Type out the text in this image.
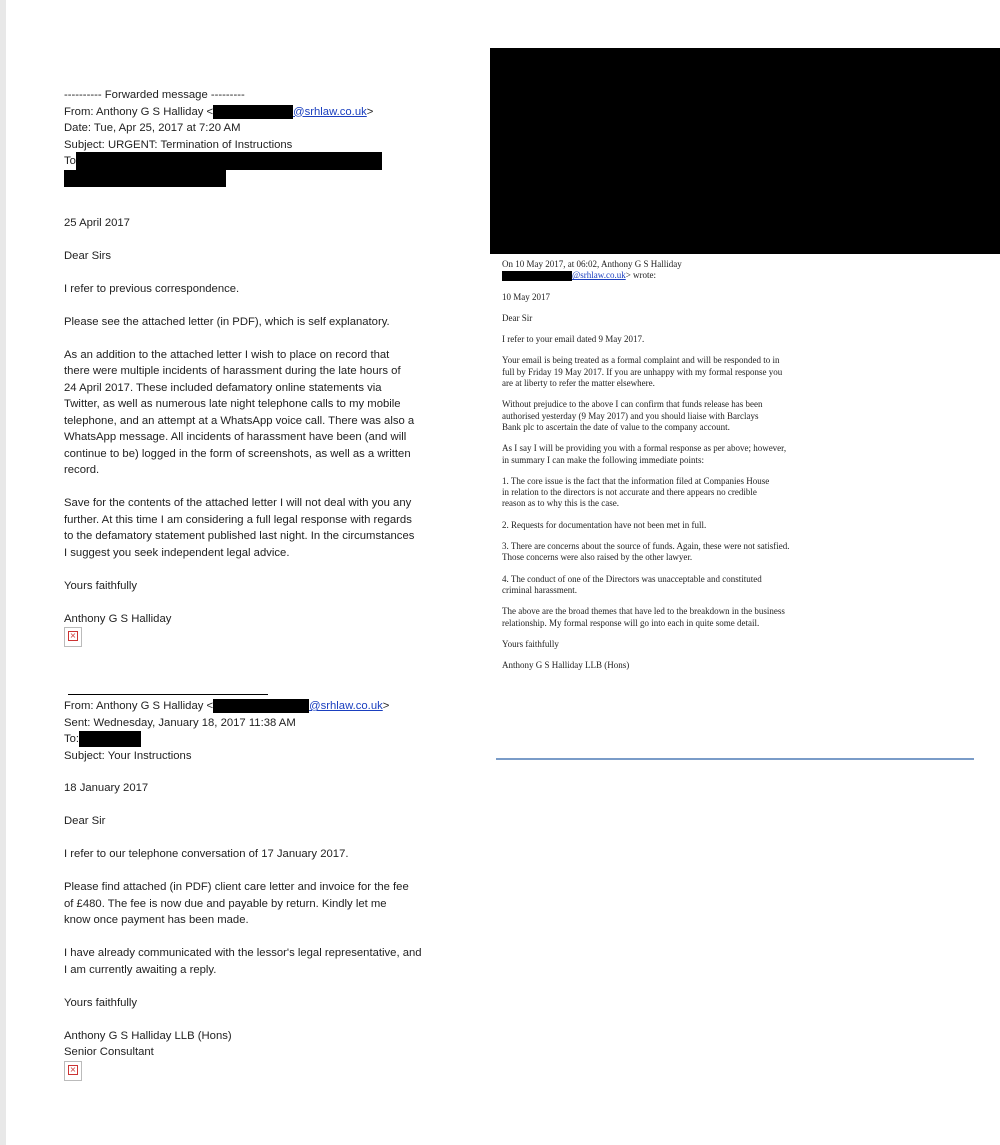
---------- Forwarded message ---------
From: Anthony G S Halliday <	@srhlaw.co.uk>
Date: Tue, Apr 25, 2017 at 7:20 AM
Subject: URGENT: Termination of Instructions
To

25 April 2017

Dear Sirs

I refer to previous correspondence.

Please see the attached letter (in PDF), which is self explanatory.

As an addition to the attached letter I wish to place on record that there were multiple incidents of harassment during the late hours of 24 April 2017. These included defamatory online statements via Twitter, as well as numerous late night telephone calls to my mobile telephone, and an attempt at a WhatsApp voice call. There was also a WhatsApp message. All incidents of harassment have been (and will continue to be) logged in the form of screenshots, as well as a written record.

Save for the contents of the attached letter I will not deal with you any further. At this time I am considering a full legal response with regards to the defamatory statement published last night. In the circumstances I suggest you seek independent legal advice.

Yours faithfully

Anthony G S Halliday
×
From: Anthony G S Halliday <	@srhlaw.co.uk>
Sent: Wednesday, January 18, 2017 11:38 AM
To:
Subject: Your Instructions

18 January 2017

Dear Sir

I refer to our telephone conversation of 17 January 2017.

Please find attached (in PDF) client care letter and invoice for the fee of £480. The fee is now due and payable by return. Kindly let me know once payment has been made.

I have already communicated with the lessor's legal representative, and I am currently awaiting a reply.

Yours faithfully

Anthony G S Halliday LLB (Hons)
Senior Consultant
×
On 10 May 2017, at 06:02, Anthony G S Halliday
@srhlaw.co.uk> wrote:

10 May 2017

Dear Sir

I refer to your email dated 9 May 2017.

Your email is being treated as a formal complaint and will be responded to in full by Friday 19 May 2017. If you are unhappy with my formal response you are at liberty to refer the matter elsewhere.

Without prejudice to the above I can confirm that funds release has been authorised yesterday (9 May 2017) and you should liaise with Barclays Bank plc to ascertain the date of value to the company account.

As I say I will be providing you with a formal response as per above; however, in summary I can make the following immediate points:

1. The core issue is the fact that the information filed at Companies House in relation to the directors is not accurate and there appears no credible reason as to why this is the case.

2. Requests for documentation have not been met in full.

3. There are concerns about the source of funds. Again, these were not satisfied. Those concerns were also raised by the other lawyer.

4. The conduct of one of the Directors was unacceptable and constituted criminal harassment.

The above are the broad themes that have led to the breakdown in the business relationship. My formal response will go into each in quite some detail.

Yours faithfully

Anthony G S Halliday LLB (Hons)
